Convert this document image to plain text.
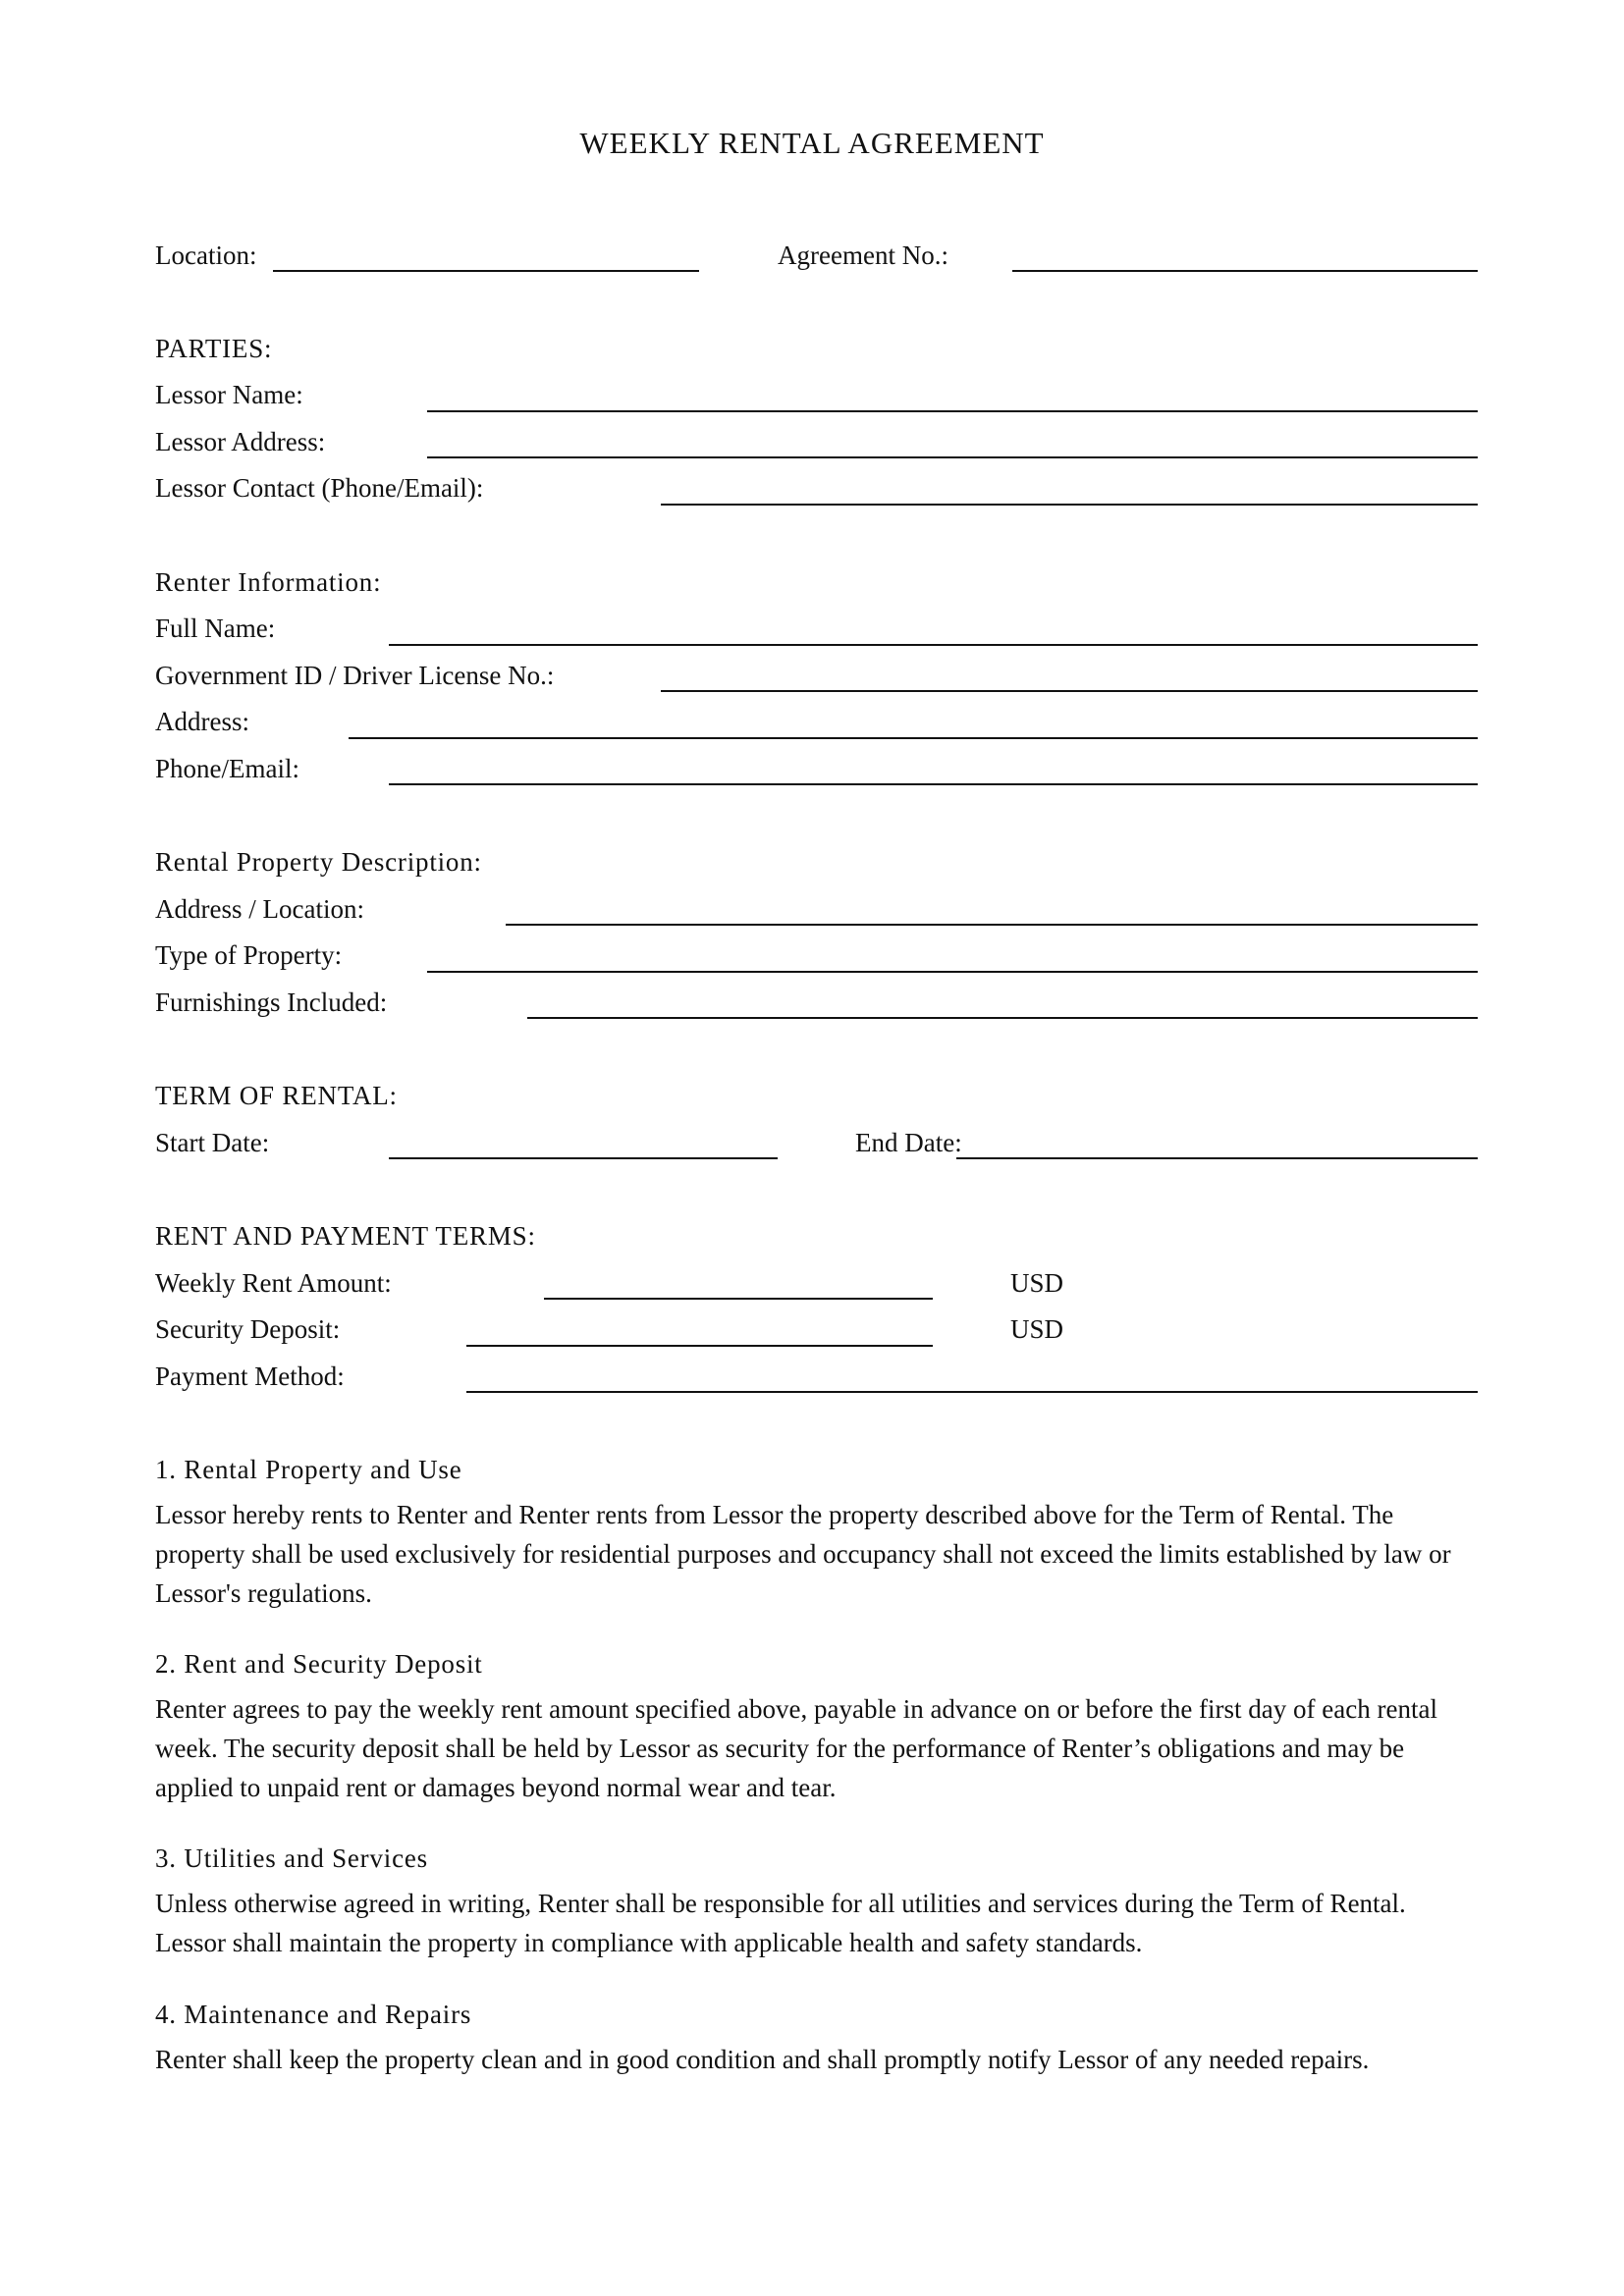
WEEKLY RENTAL AGREEMENT
Location:	Agreement No.:
PARTIES:
Lessor Name:
Lessor Address:
Lessor Contact (Phone/Email):
Renter Information:
Full Name:
Government ID / Driver License No.:
Address:
Phone/Email:
Rental Property Description:
Address / Location:
Type of Property:
Furnishings Included:
TERM OF RENTAL:
Start Date:	End Date:
RENT AND PAYMENT TERMS:
Weekly Rent Amount:	USD
Security Deposit:	USD
Payment Method:
1. Rental Property and Use
Lessor hereby rents to Renter and Renter rents from Lessor the property described above for the Term of Rental. The property shall be used exclusively for residential purposes and occupancy shall not exceed the limits established by law or Lessor's regulations.
2. Rent and Security Deposit
Renter agrees to pay the weekly rent amount specified above, payable in advance on or before the first day of each rental week. The security deposit shall be held by Lessor as security for the performance of Renter’s obligations and may be applied to unpaid rent or damages beyond normal wear and tear.
3. Utilities and Services
Unless otherwise agreed in writing, Renter shall be responsible for all utilities and services during the Term of Rental. Lessor shall maintain the property in compliance with applicable health and safety standards.
4. Maintenance and Repairs
Renter shall keep the property clean and in good condition and shall promptly notify Lessor of any needed repairs.
